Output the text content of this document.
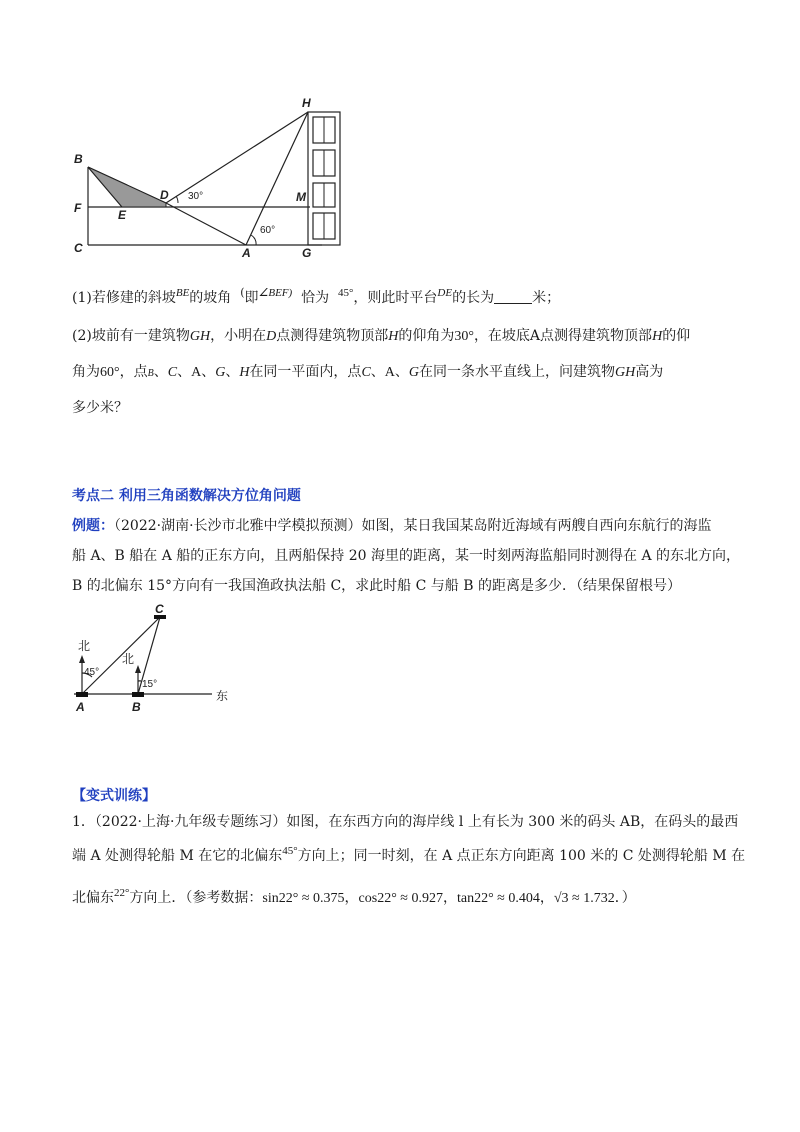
B
F
C
E
D
A	G
M
H
30°
60°
(1)若修建的斜坡$^{BE}$的坡角 (即$^{\angle BEF)}$ 恰为 $^{45^\circ}$，则此时平台$^{DE}$的长为	米；
(2)坡前有一建筑物GH，小明在D点测得建筑物顶部H的仰角为30°，在坡底A点测得建筑物顶部H的仰
角为60°，点B、C、A、G、H在同一平面内，点C、A、G在同一条水平直线上，问建筑物GH高为
多少米？
考点二 利用三角函数解决方位角问题
例题：（2022·湖南·长沙市北雅中学模拟预测）如图，某日我国某岛附近海域有两艘自西向东航行的海监
船 A、B 船在 A 船的正东方向，且两船保持 20 海里的距离，某一时刻两海监船同时测得在 A 的东北方向，
B 的北偏东 15°方向有一我国渔政执法船 C，求此时船 C 与船 B 的距离是多少．（结果保留根号）
北
北
45°
15°
东
A	B
C
【变式训练】
1．（2022·上海·九年级专题练习）如图，在东西方向的海岸线 l 上有长为 300 米的码头 AB，在码头的最西
端 A 处测得轮船 M 在它的北偏东$^{45^\circ}$方向上；同一时刻，在 A 点正东方向距离 100 米的 C 处测得轮船 M 在
北偏东$^{22^\circ}$方向上．（参考数据：sin22° ≈ 0.375，cos22° ≈ 0.927，tan22° ≈ 0.404，√3 ≈ 1.732．）
